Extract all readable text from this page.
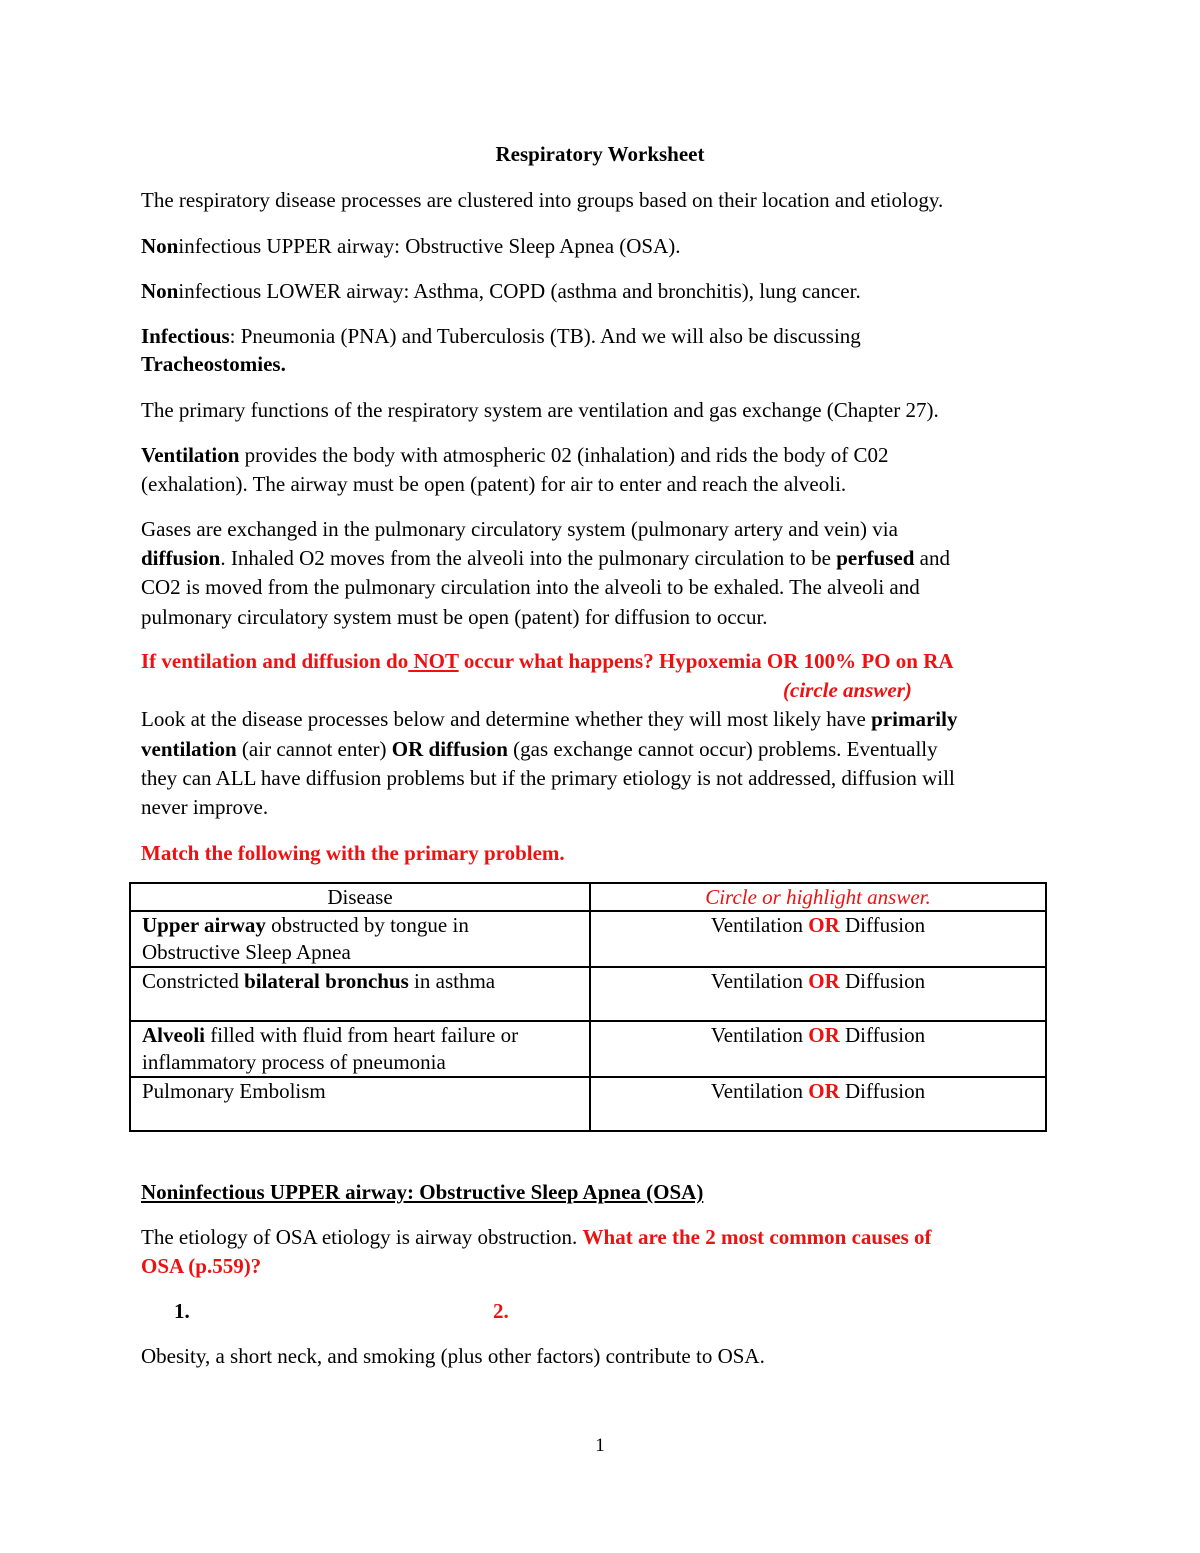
Respiratory Worksheet
The respiratory disease processes are clustered into groups based on their location and etiology.
Noninfectious UPPER airway: Obstructive Sleep Apnea (OSA).
Noninfectious LOWER airway: Asthma, COPD (asthma and bronchitis), lung cancer.
Infectious: Pneumonia (PNA) and Tuberculosis (TB). And we will also be discussing
Tracheostomies.
The primary functions of the respiratory system are ventilation and gas exchange (Chapter 27).
Ventilation provides the body with atmospheric 02 (inhalation) and rids the body of C02
(exhalation). The airway must be open (patent) for air to enter and reach the alveoli.
Gases are exchanged in the pulmonary circulatory system (pulmonary artery and vein) via
diffusion. Inhaled O2 moves from the alveoli into the pulmonary circulation to be perfused and
CO2 is moved from the pulmonary circulation into the alveoli to be exhaled. The alveoli and
pulmonary circulatory system must be open (patent) for diffusion to occur.
If ventilation and diffusion do NOT occur what happens? Hypoxemia OR 100% PO on RA
(circle answer)
Look at the disease processes below and determine whether they will most likely have primarily
ventilation (air cannot enter) OR diffusion (gas exchange cannot occur) problems. Eventually
they can ALL have diffusion problems but if the primary etiology is not addressed, diffusion will
never improve.
Match the following with the primary problem.
Disease	Circle or highlight answer.
Upper airway obstructed by tongue in
Obstructive Sleep Apnea	Ventilation OR Diffusion
Constricted bilateral bronchus in asthma	Ventilation OR Diffusion
Alveoli filled with fluid from heart failure or
inflammatory process of pneumonia	Ventilation OR Diffusion
Pulmonary Embolism	Ventilation OR Diffusion
Noninfectious UPPER airway: Obstructive Sleep Apnea (OSA)
The etiology of OSA etiology is airway obstruction. What are the 2 most common causes of
OSA (p.559)?
1.	2.
Obesity, a short neck, and smoking (plus other factors) contribute to OSA.
1
